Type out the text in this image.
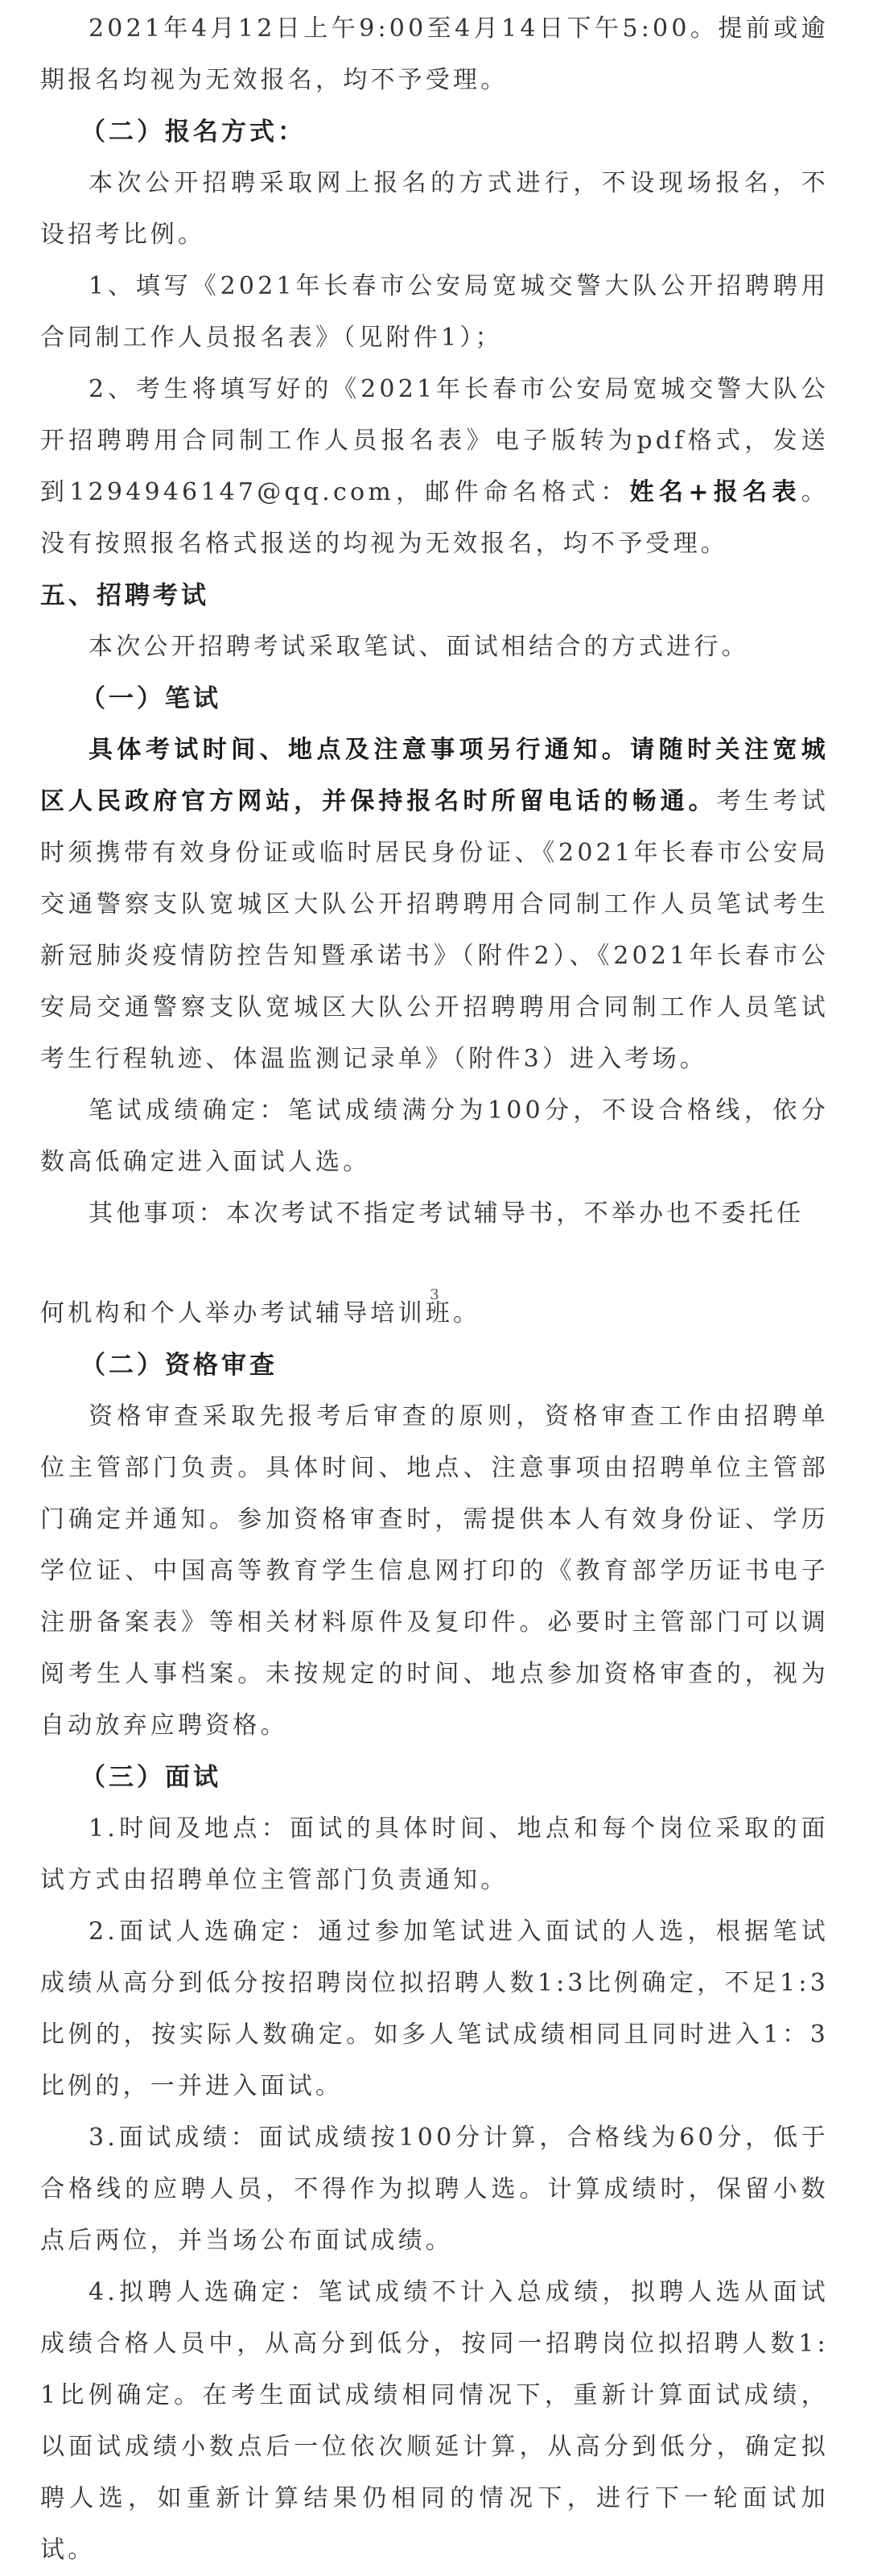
2021年4月12日上午9:00至4月14日下午5:00。提前或逾期报名均视为无效报名，均不予受理。

（二）报名方式：

本次公开招聘采取网上报名的方式进行，不设现场报名，不设招考比例。

1、填写《2021年长春市公安局宽城交警大队公开招聘聘用合同制工作人员报名表》（见附件1）；

2、考生将填写好的《2021年长春市公安局宽城交警大队公开招聘聘用合同制工作人员报名表》电子版转为pdf格式，发送到1294946147@qq.com，邮件命名格式：姓名+报名表。没有按照报名格式报送的均视为无效报名，均不予受理。

五、招聘考试

本次公开招聘考试采取笔试、面试相结合的方式进行。

（一）笔试

具体考试时间、地点及注意事项另行通知。请随时关注宽城区人民政府官方网站，并保持报名时所留电话的畅通。考生考试时须携带有效身份证或临时居民身份证、《2021年长春市公安局交通警察支队宽城区大队公开招聘聘用合同制工作人员笔试考生新冠肺炎疫情防控告知暨承诺书》（附件2）、《2021年长春市公安局交通警察支队宽城区大队公开招聘聘用合同制工作人员笔试考生行程轨迹、体温监测记录单》（附件3）进入考场。

笔试成绩确定：笔试成绩满分为100分，不设合格线，依分数高低确定进入面试人选。

其他事项：本次考试不指定考试辅导书，不举办也不委托任

3

何机构和个人举办考试辅导培训班。

（二）资格审查

资格审查采取先报考后审查的原则，资格审查工作由招聘单位主管部门负责。具体时间、地点、注意事项由招聘单位主管部门确定并通知。参加资格审查时，需提供本人有效身份证、学历学位证、中国高等教育学生信息网打印的《教育部学历证书电子注册备案表》等相关材料原件及复印件。必要时主管部门可以调阅考生人事档案。未按规定的时间、地点参加资格审查的，视为自动放弃应聘资格。

（三）面试

1.时间及地点：面试的具体时间、地点和每个岗位采取的面试方式由招聘单位主管部门负责通知。

2.面试人选确定：通过参加笔试进入面试的人选，根据笔试成绩从高分到低分按招聘岗位拟招聘人数1:3比例确定，不足1:3比例的，按实际人数确定。如多人笔试成绩相同且同时进入1：3比例的，一并进入面试。

3.面试成绩：面试成绩按100分计算，合格线为60分，低于合格线的应聘人员，不得作为拟聘人选。计算成绩时，保留小数点后两位，并当场公布面试成绩。

4.拟聘人选确定：笔试成绩不计入总成绩，拟聘人选从面试成绩合格人员中，从高分到低分，按同一招聘岗位拟招聘人数1:1比例确定。在考生面试成绩相同情况下，重新计算面试成绩，以面试成绩小数点后一位依次顺延计算，从高分到低分，确定拟聘人选，如重新计算结果仍相同的情况下，进行下一轮面试加试。
